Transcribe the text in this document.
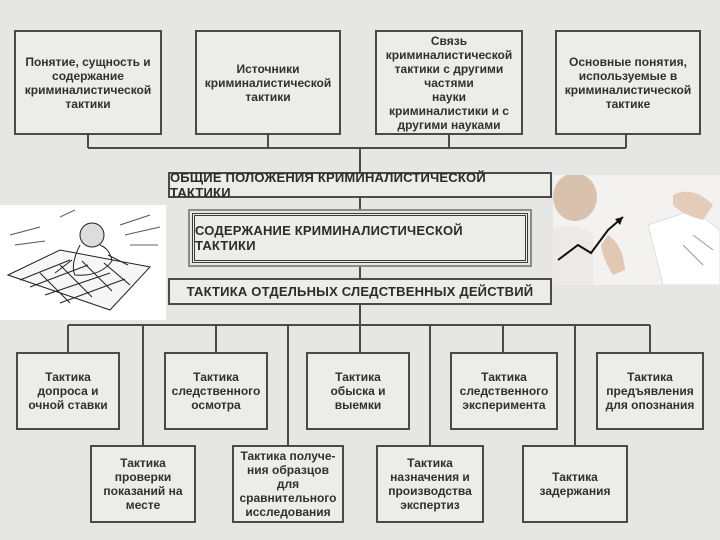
Понятие, сущность и
содержание
криминалистической
тактики
Источники
криминалистической
тактики
Связь
криминалистической
тактики с другими частями
науки криминалистики и с
другими науками
Основные понятия,
используемые в
криминалистической
тактике
ОБЩИЕ ПОЛОЖЕНИЯ КРИМИНАЛИСТИЧЕСКОЙ ТАКТИКИ
СОДЕРЖАНИЕ КРИМИНАЛИСТИЧЕСКОЙ ТАКТИКИ
ТАКТИКА ОТДЕЛЬНЫХ СЛЕДСТВЕННЫХ ДЕЙСТВИЙ
Тактика
допроса и
очной ставки
Тактика
следственного
осмотра
Тактика
обыска и
выемки
Тактика
следственного
эксперимента
Тактика
предъявления
для опознания
Тактика
проверки
показаний на
месте
Тактика получе-
ния образцов для
сравнительного
исследования
Тактика
назначения и
производства
экспертиз
Тактика
задержания
